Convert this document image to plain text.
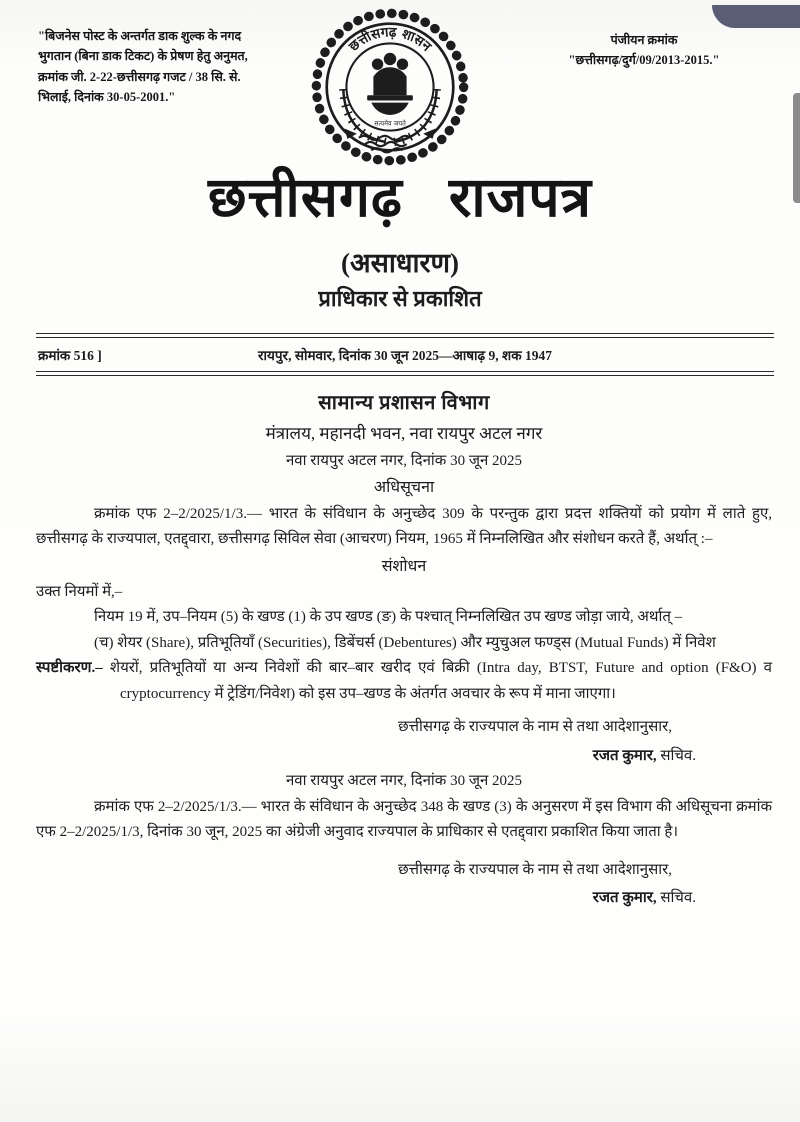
"बिजनेस पोस्ट के अन्तर्गत डाक शुल्क के नगद भुगतान (बिना डाक टिकट) के प्रेषण हेतु अनुमत, क्रमांक जी. 2-22-छत्तीसगढ़ गजट / 38 सि. से. भिलाई, दिनांक 30-05-2001."
छत्तीसगढ़ शासन
सत्यमेव जयते
पंजीयन क्रमांक
"छत्तीसगढ़/दुर्ग/09/2013-2015."
छत्तीसगढ़ राजपत्र
(असाधारण)
प्राधिकार से प्रकाशित
क्रमांक 516 ]	रायपुर, सोमवार, दिनांक 30 जून 2025—आषाढ़ 9, शक 1947

सामान्य प्रशासन विभाग

मंत्रालय, महानदी भवन, नवा रायपुर अटल नगर

नवा रायपुर अटल नगर, दिनांक 30 जून 2025

अधिसूचना

क्रमांक एफ 2–2/2025/1/3.— भारत के संविधान के अनुच्छेद 309 के परन्तुक द्वारा प्रदत्त शक्तियों को प्रयोग में लाते हुए, छत्तीसगढ़ के राज्यपाल, एतद्द्वारा, छत्तीसगढ़ सिविल सेवा (आचरण) नियम, 1965 में निम्नलिखित और संशोधन करते हैं, अर्थात् :–

संशोधन

उक्त नियमों में,–

नियम 19 में, उप–नियम (5) के खण्ड (1) के उप खण्ड (ङ) के पश्चात् निम्नलिखित उप खण्ड जोड़ा जाये, अर्थात् –

(च) शेयर (Share), प्रतिभूतियाँ (Securities), डिबेंचर्स (Debentures) और म्युचुअल फण्ड्स (Mutual Funds) में निवेश

स्पष्टीकरण.– शेयरों, प्रतिभूतियों या अन्य निवेशों की बार–बार खरीद एवं बिक्री (Intra day, BTST, Future and option (F&O) व cryptocurrency में ट्रेडिंग/निवेश) को इस उप–खण्ड के अंतर्गत अवचार के रूप में माना जाएगा।

छत्तीसगढ़ के राज्यपाल के नाम से तथा आदेशानुसार,
रजत कुमार, सचिव.

नवा रायपुर अटल नगर, दिनांक 30 जून 2025

क्रमांक एफ 2–2/2025/1/3.— भारत के संविधान के अनुच्छेद 348 के खण्ड (3) के अनुसरण में इस विभाग की अधिसूचना क्रमांक एफ 2–2/2025/1/3, दिनांक 30 जून, 2025 का अंग्रेजी अनुवाद राज्यपाल के प्राधिकार से एतद्द्वारा प्रकाशित किया जाता है।

छत्तीसगढ़ के राज्यपाल के नाम से तथा आदेशानुसार,
रजत कुमार, सचिव.
